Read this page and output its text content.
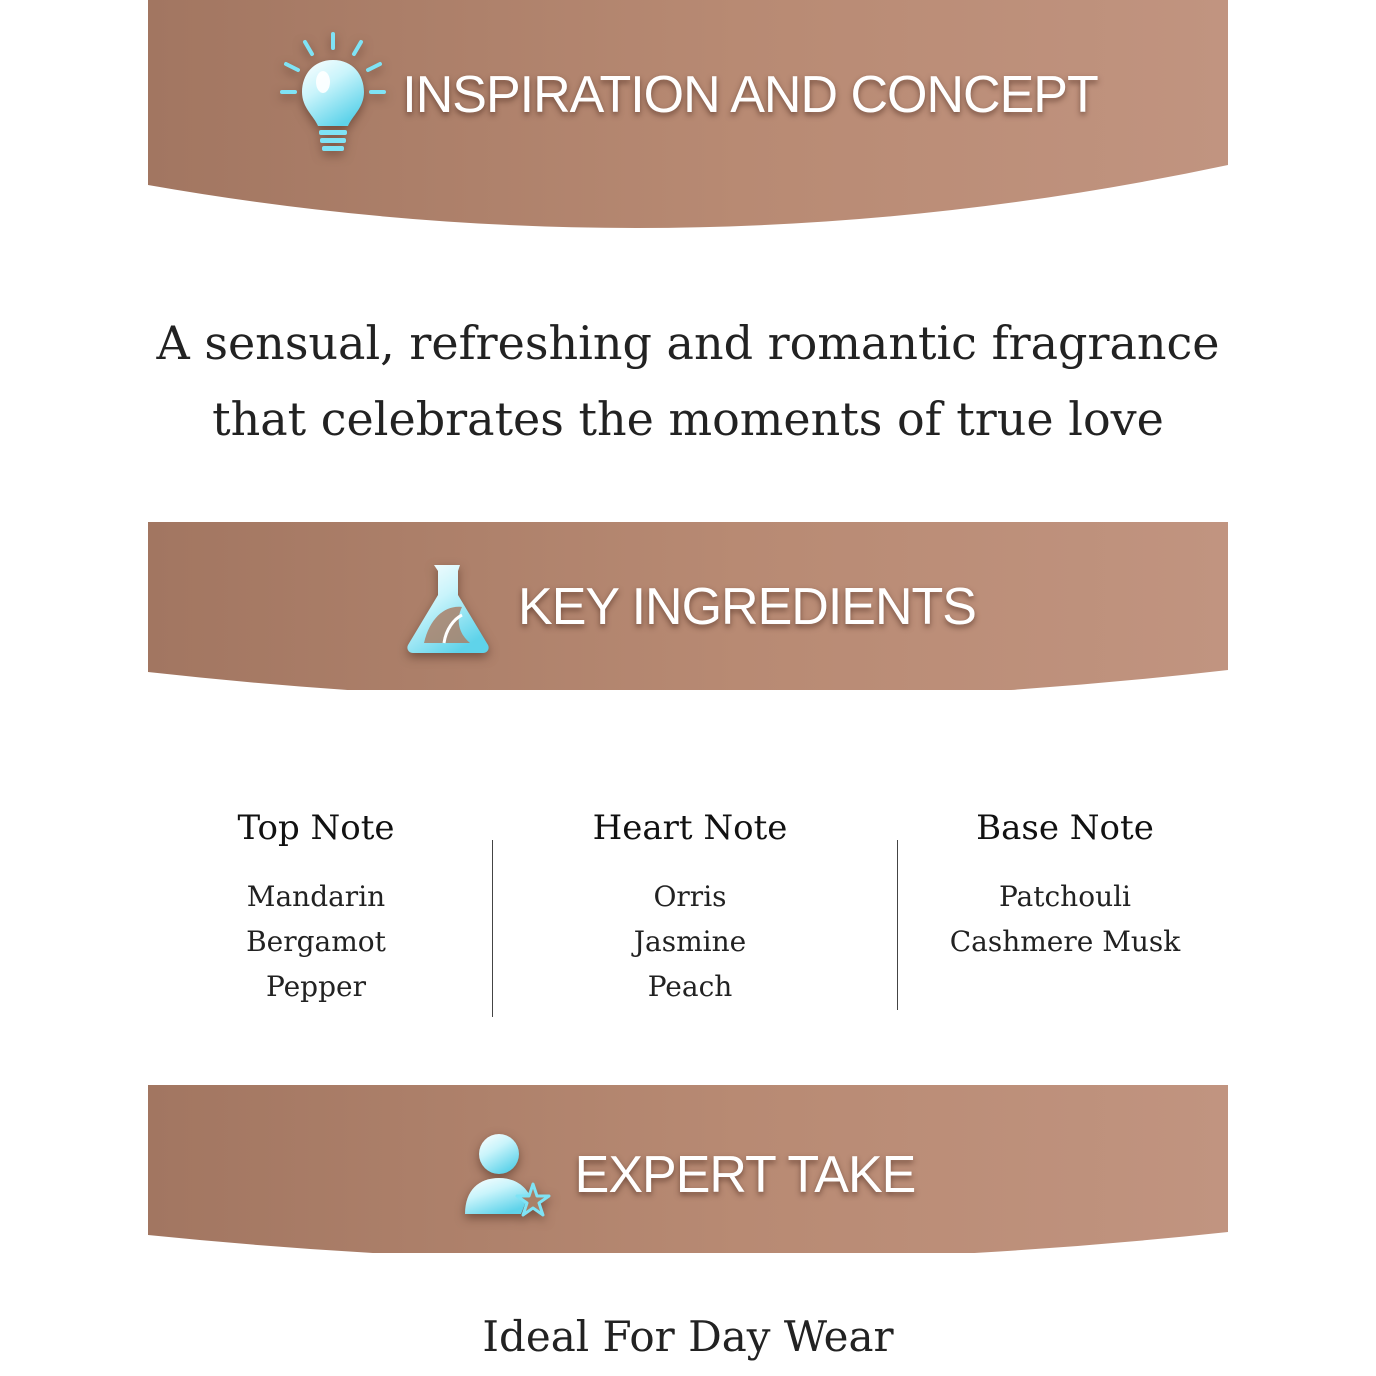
INSPIRATION AND CONCEPT
A sensual, refreshing and romantic fragrance
that celebrates the moments of true love
KEY INGREDIENTS
Top Note
Mandarin
Bergamot
Pepper
Heart Note
Orris
Jasmine
Peach
Base Note
Patchouli
Cashmere Musk
EXPERT TAKE
Ideal For Day Wear
